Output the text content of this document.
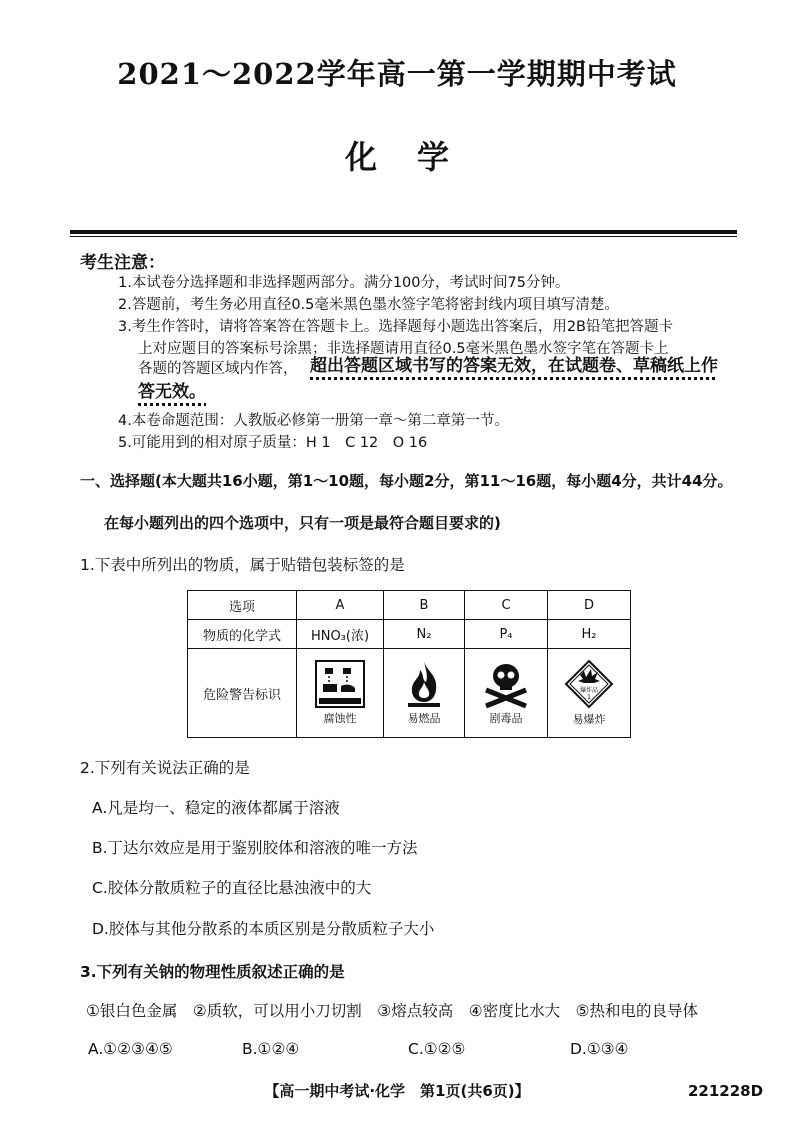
2021～2022学年高一第一学期期中考试
化学
考生注意：
1.本试卷分选择题和非选择题两部分。满分100分，考试时间75分钟。
2.答题前，考生务必用直径0.5毫米黑色墨水签字笔将密封线内项目填写清楚。
3.考生作答时，请将答案答在答题卡上。选择题每小题选出答案后，用2B铅笔把答题卡
上对应题目的答案标号涂黑；非选择题请用直径0.5毫米黑色墨水签字笔在答题卡上
各题的答题区域内作答， 超出答题区域书写的答案无效，在试题卷、草稿纸上作
答无效。
4.本卷命题范围：人教版必修第一册第一章～第二章第一节。
5.可能用到的相对原子质量：H 1　C 12　O 16
一、选择题(本大题共16小题，第1～10题，每小题2分，第11～16题，每小题4分，共计44分。
在每小题列出的四个选项中，只有一项是最符合题目要求的)
1.下表中所列出的物质，属于贴错包装标签的是
选项	A	B	C	D
物质的化学式	HNO₃(浓)	N₂	P₄	H₂
危险警告标识	腐蚀性	易燃品	剧毒品	爆炸品
1
易爆炸
2.下列有关说法正确的是
A.凡是均一、稳定的液体都属于溶液
B.丁达尔效应是用于鉴别胶体和溶液的唯一方法
C.胶体分散质粒子的直径比悬浊液中的大
D.胶体与其他分散系的本质区别是分散质粒子大小
3.下列有关钠的物理性质叙述正确的是
①银白色金属　②质软，可以用小刀切割　③熔点较高　④密度比水大　⑤热和电的良导体
A.①②③④⑤	B.①②④	C.①②⑤	D.①③④
【高一期中考试·化学　第1页(共6页)】	221228D
